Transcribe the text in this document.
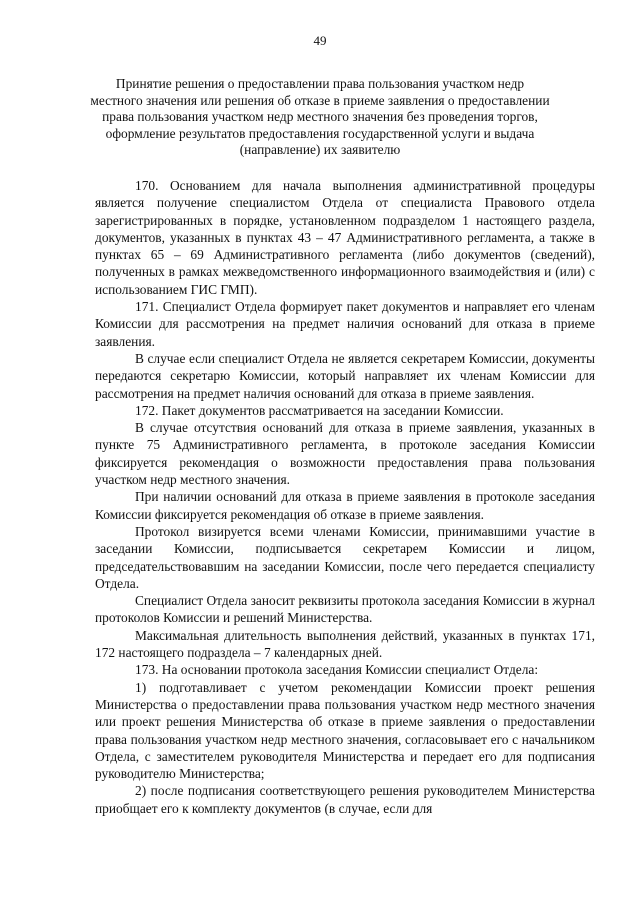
49
Принятие решения о предоставлении права пользования участком недр местного значения или решения об отказе в приеме заявления о предоставлении права пользования участком недр местного значения без проведения торгов, оформление результатов предоставления государственной услуги и выдача (направление) их заявителю

170. Основанием для начала выполнения административной процедуры является получение специалистом Отдела от специалиста Правового отдела зарегистрированных в порядке, установленном подразделом 1 настоящего раздела, документов, указанных в пунктах 43 – 47 Административного регламента, а также в пунктах 65 – 69 Административного регламента (либо документов (сведений), полученных в рамках межведомственного информационного взаимодействия и (или) с использованием ГИС ГМП).

171. Специалист Отдела формирует пакет документов и направляет его членам Комиссии для рассмотрения на предмет наличия оснований для отказа в приеме заявления.

В случае если специалист Отдела не является секретарем Комиссии, документы передаются секретарю Комиссии, который направляет их членам Комиссии для рассмотрения на предмет наличия оснований для отказа в приеме заявления.

172. Пакет документов рассматривается на заседании Комиссии.

В случае отсутствия оснований для отказа в приеме заявления, указанных в пункте 75 Административного регламента, в протоколе заседания Комиссии фиксируется рекомендация о возможности предоставления права пользования участком недр местного значения.

При наличии оснований для отказа в приеме заявления в протоколе заседания Комиссии фиксируется рекомендация об отказе в приеме заявления.

Протокол визируется всеми членами Комиссии, принимавшими участие в заседании Комиссии, подписывается секретарем Комиссии и лицом, председательствовавшим на заседании Комиссии, после чего передается специалисту Отдела.

Специалист Отдела заносит реквизиты протокола заседания Комиссии в журнал протоколов Комиссии и решений Министерства.

Максимальная длительность выполнения действий, указанных в пунктах 171, 172 настоящего подраздела – 7 календарных дней.

173. На основании протокола заседания Комиссии специалист Отдела:

1) подготавливает с учетом рекомендации Комиссии проект решения Министерства о предоставлении права пользования участком недр местного значения или проект решения Министерства об отказе в приеме заявления о предоставлении права пользования участком недр местного значения, согласовывает его с начальником Отдела, с заместителем руководителя Министерства и передает его для подписания руководителю Министерства;

2) после подписания соответствующего решения руководителем Министерства приобщает его к комплекту документов (в случае, если для
